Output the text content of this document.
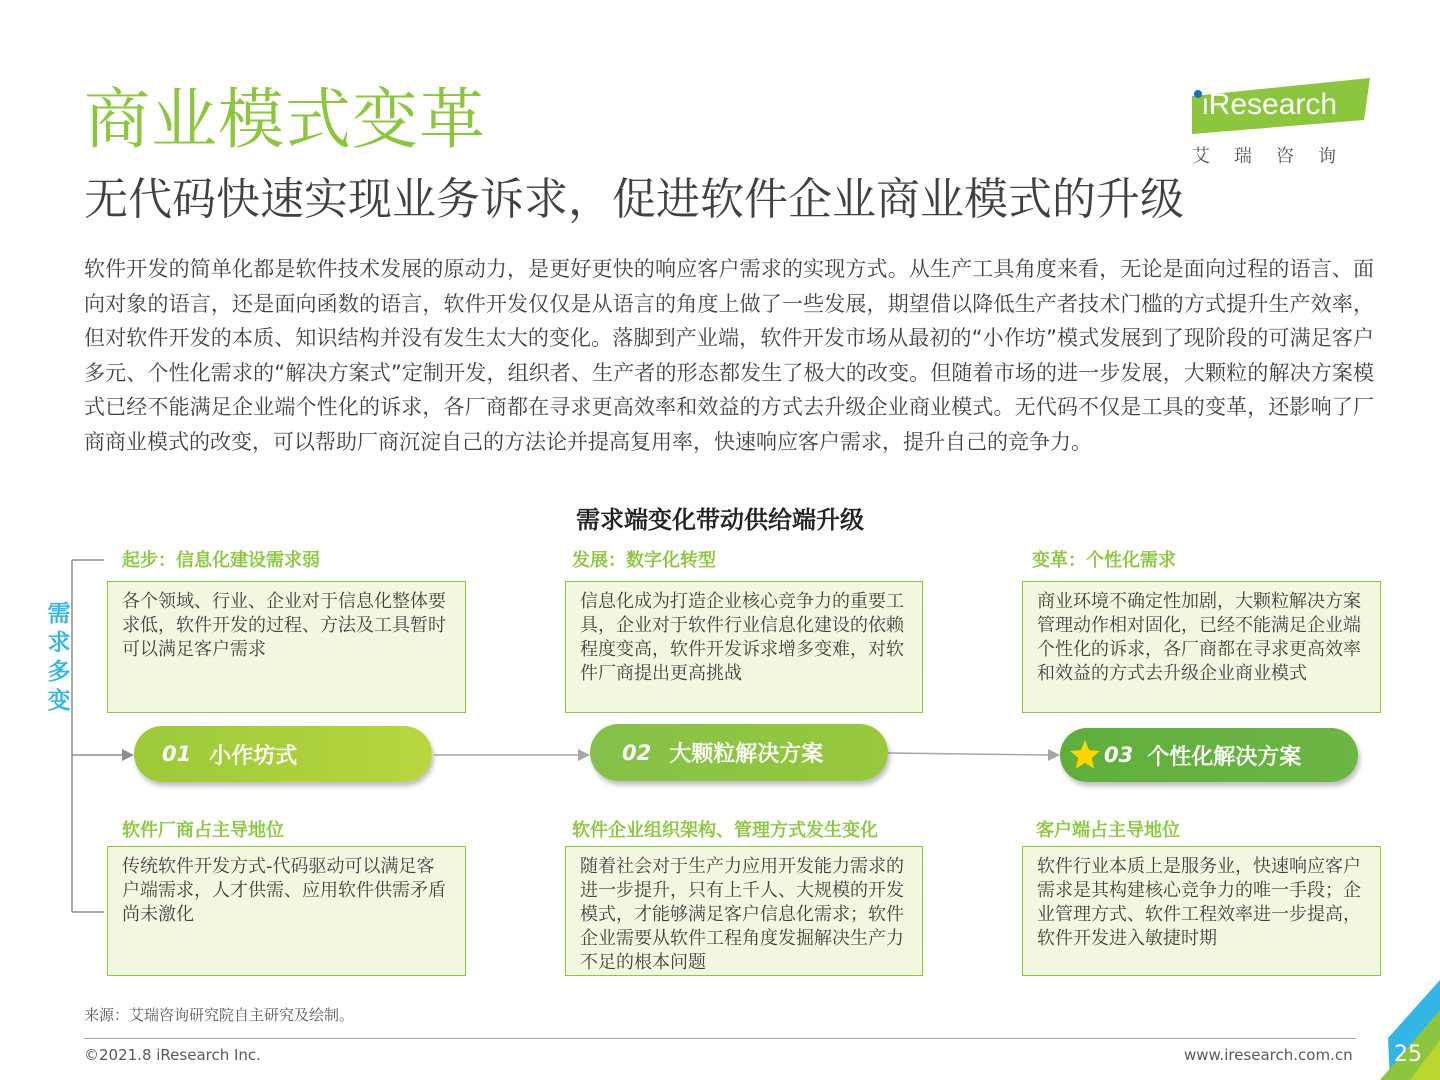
商业模式变革
无代码快速实现业务诉求，促进软件企业商业模式的升级
iResearch
艾瑞咨询
软件开发的简单化都是软件技术发展的原动力，是更好更快的响应客户需求的实现方式。从生产工具角度来看，无论是面向过程的语言、面向对象的语言，还是面向函数的语言，软件开发仅仅是从语言的角度上做了一些发展，期望借以降低生产者技术门槛的方式提升生产效率，但对软件开发的本质、知识结构并没有发生太大的变化。落脚到产业端，软件开发市场从最初的“小作坊”模式发展到了现阶段的可满足客户多元、个性化需求的“解决方案式”定制开发，组织者、生产者的形态都发生了极大的改变。但随着市场的进一步发展，大颗粒的解决方案模式已经不能满足企业端个性化的诉求，各厂商都在寻求更高效率和效益的方式去升级企业商业模式。无代码不仅是工具的变革，还影响了厂商商业模式的改变，可以帮助厂商沉淀自己的方法论并提高复用率，快速响应客户需求，提升自己的竞争力。
需求端变化带动供给端升级
需求多变
起步：信息化建设需求弱
各个领域、行业、企业对于信息化整体要求低，软件开发的过程、方法及工具暂时可以满足客户需求
01 小作坊式
软件厂商占主导地位
传统软件开发方式-代码驱动可以满足客户端需求，人才供需、应用软件供需矛盾尚未激化
发展：数字化转型
信息化成为打造企业核心竞争力的重要工具，企业对于软件行业信息化建设的依赖程度变高，软件开发诉求增多变难，对软件厂商提出更高挑战
02 大颗粒解决方案
软件企业组织架构、管理方式发生变化
随着社会对于生产力应用开发能力需求的进一步提升，只有上千人、大规模的开发模式，才能够满足客户信息化需求；软件企业需要从软件工程角度发掘解决生产力不足的根本问题
变革：个性化需求
商业环境不确定性加剧，大颗粒解决方案管理动作相对固化，已经不能满足企业端个性化的诉求，各厂商都在寻求更高效率和效益的方式去升级企业商业模式
03 个性化解决方案
客户端占主导地位
软件行业本质上是服务业，快速响应客户需求是其构建核心竞争力的唯一手段；企业管理方式、软件工程效率进一步提高，软件开发进入敏捷时期
来源：艾瑞咨询研究院自主研究及绘制。
©2021.8 iResearch Inc.	www.iresearch.com.cn 25
